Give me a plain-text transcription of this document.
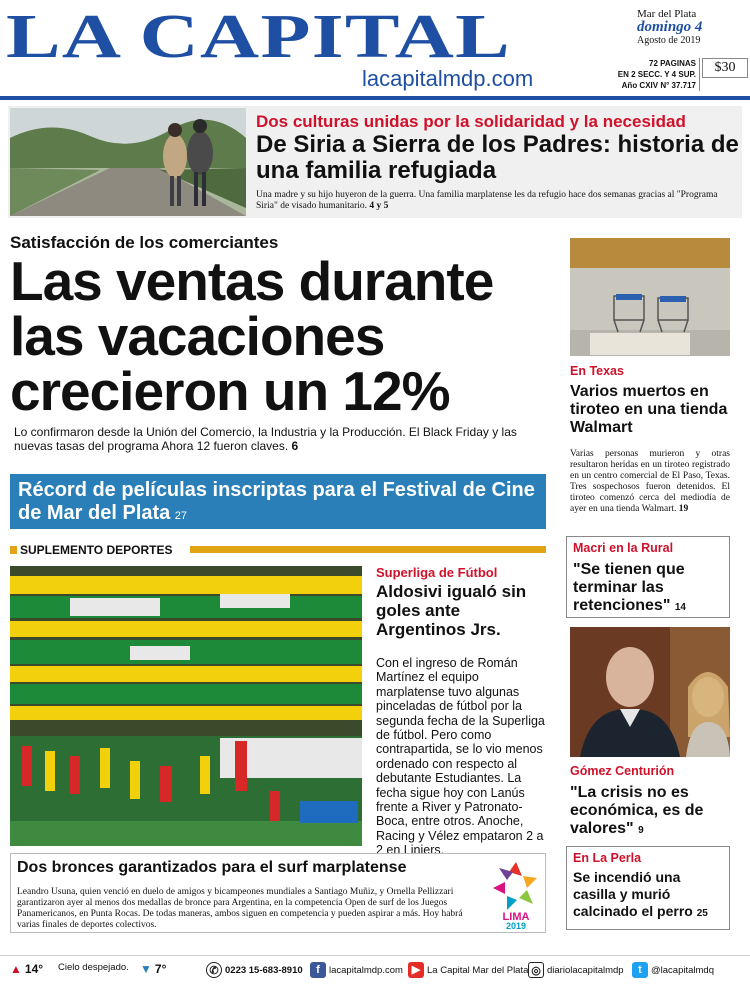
LA CAPITAL
lacapitalmdp.com
Mar del Plata
domingo 4
Agosto de 2019
72 PAGINAS
EN 2 SECC. Y 4 SUP.
Año CXIV N° 37.717
$30
Dos culturas unidas por la solidaridad y la necesidad
De Siria a Sierra de los Padres: historia de una familia refugiada
Una madre y su hijo huyeron de la guerra. Una familia marplatense les da refugio hace dos semanas gracias al "Programa Siria" de visado humanitario. 4 y 5
Satisfacción de los comerciantes
Las ventas durante las vacaciones crecieron un 12%
Lo confirmaron desde la Unión del Comercio, la Industria y la Producción. El Black Friday y las nuevas tasas del programa Ahora 12 fueron claves. 6
Récord de películas inscriptas para el Festival de Cine de Mar del Plata 27
SUPLEMENTO DEPORTES
Superliga de Fútbol
Aldosivi igualó sin goles ante Argentinos Jrs.
Con el ingreso de Román Martínez el equipo marplatense tuvo algunas pinceladas de fútbol por la segunda fecha de la Superliga de fútbol. Pero como contrapartida, se lo vio menos ordenado con respecto al debutante Estudiantes. La fecha sigue hoy con Lanús frente a River y Patronato-Boca, entre otros. Anoche, Racing y Vélez empataron 2 a 2 en Liniers.
Dos bronces garantizados para el surf marplatense
Leandro Usuna, quien venció en duelo de amigos y bicampeones mundiales a Santiago Muñiz, y Ornella Pellizzari garantizaron ayer al menos dos medallas de bronce para Argentina, en la competencia Open de surf de los Juegos Panamericanos, en Punta Rocas. De todas maneras, ambos siguen en competencia y pueden aspirar a más. Hoy habrá varias finales de deportes colectivos.
LIMA
2019
En Texas
Varios muertos en tiroteo en una tienda Walmart
Varias personas murieron y otras resultaron heridas en un tiroteo registrado en un centro comercial de El Paso, Texas. Tres sospechosos fueron detenidos. El tiroteo comenzó cerca del mediodía de ayer en una tienda Walmart. 19
Macri en la Rural
"Se tienen que terminar las retenciones" 14
Gómez Centurión
"La crisis no es económica, es de valores" 9
En La Perla
Se incendió una casilla y murió calcinado el perro 25
▲ 14° Cielo despejado. ▼ 7°	✆ 0223 15-683-8910	f lacapitalmdp.com ▶ La Capital Mar del Plata ◎ diariolacapitalmdp	t @lacapitalmdq
